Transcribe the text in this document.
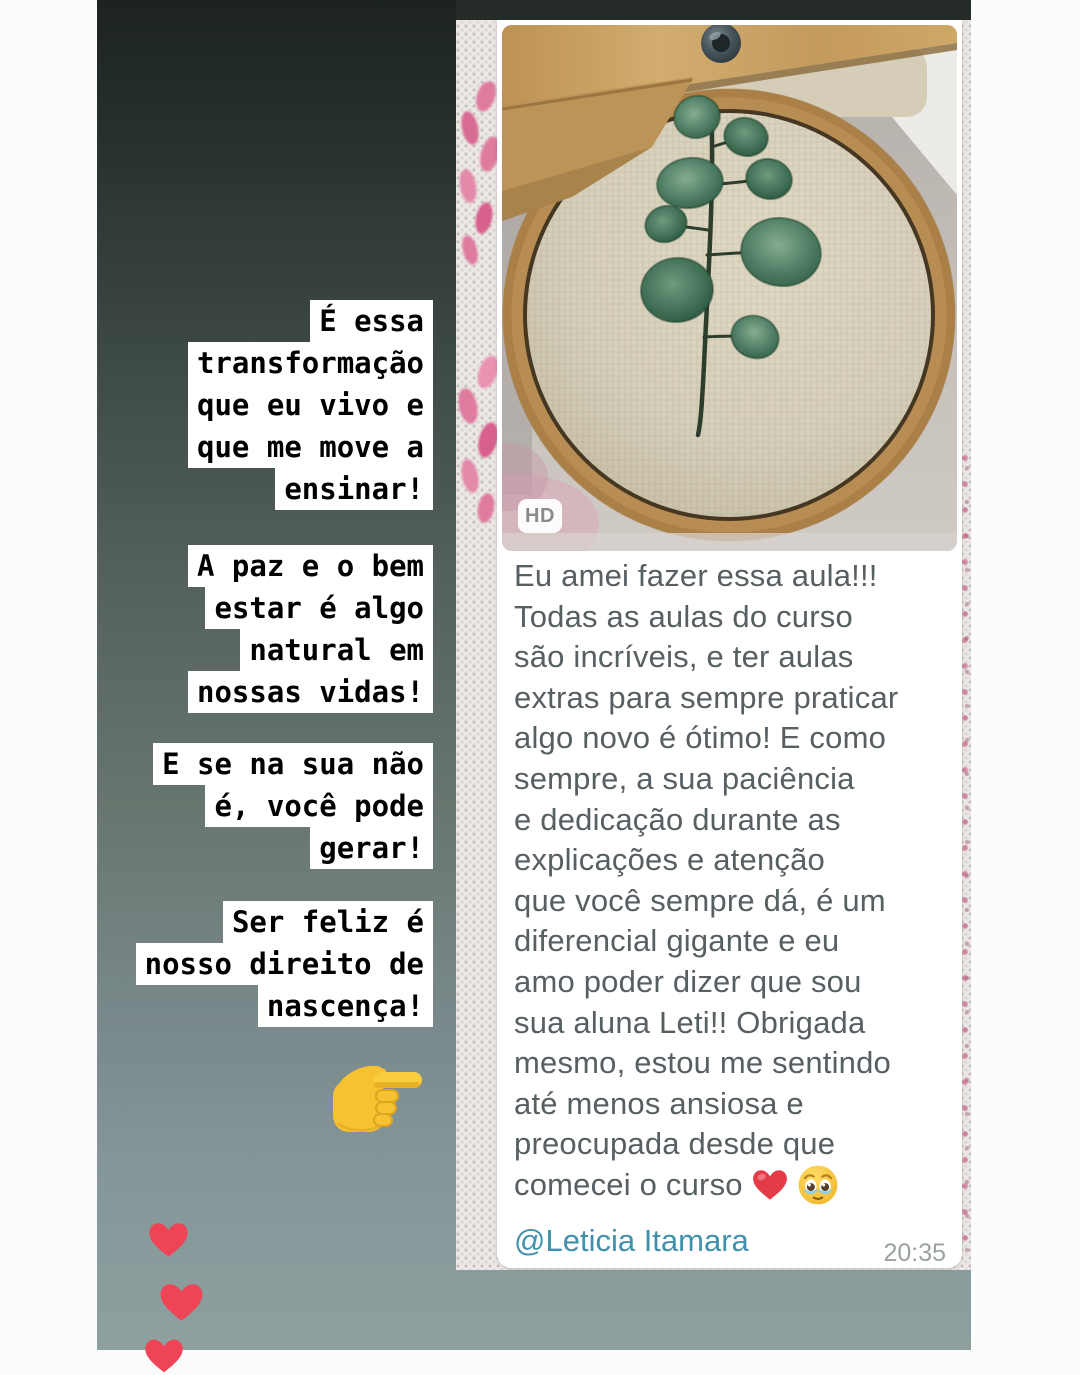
HD
Eu amei fazer essa aula!!!
Todas as aulas do curso
são incríveis, e ter aulas
extras para sempre praticar
algo novo é ótimo! E como
sempre, a sua paciência
e dedicação durante as
explicações e atenção
que você sempre dá, é um
diferencial gigante e eu
amo poder dizer que sou
sua aluna Leti!! Obrigada
mesmo, estou me sentindo
até menos ansiosa e
preocupada desde que
comecei o curso
@Leticia Itamara	20:35
É essa
transformação
que eu vivo e
que me move a
ensinar!
A paz e o bem
estar é algo
natural em
nossas vidas!
E se na sua não
é, você pode
gerar!
Ser feliz é
nosso direito de
nascença!
